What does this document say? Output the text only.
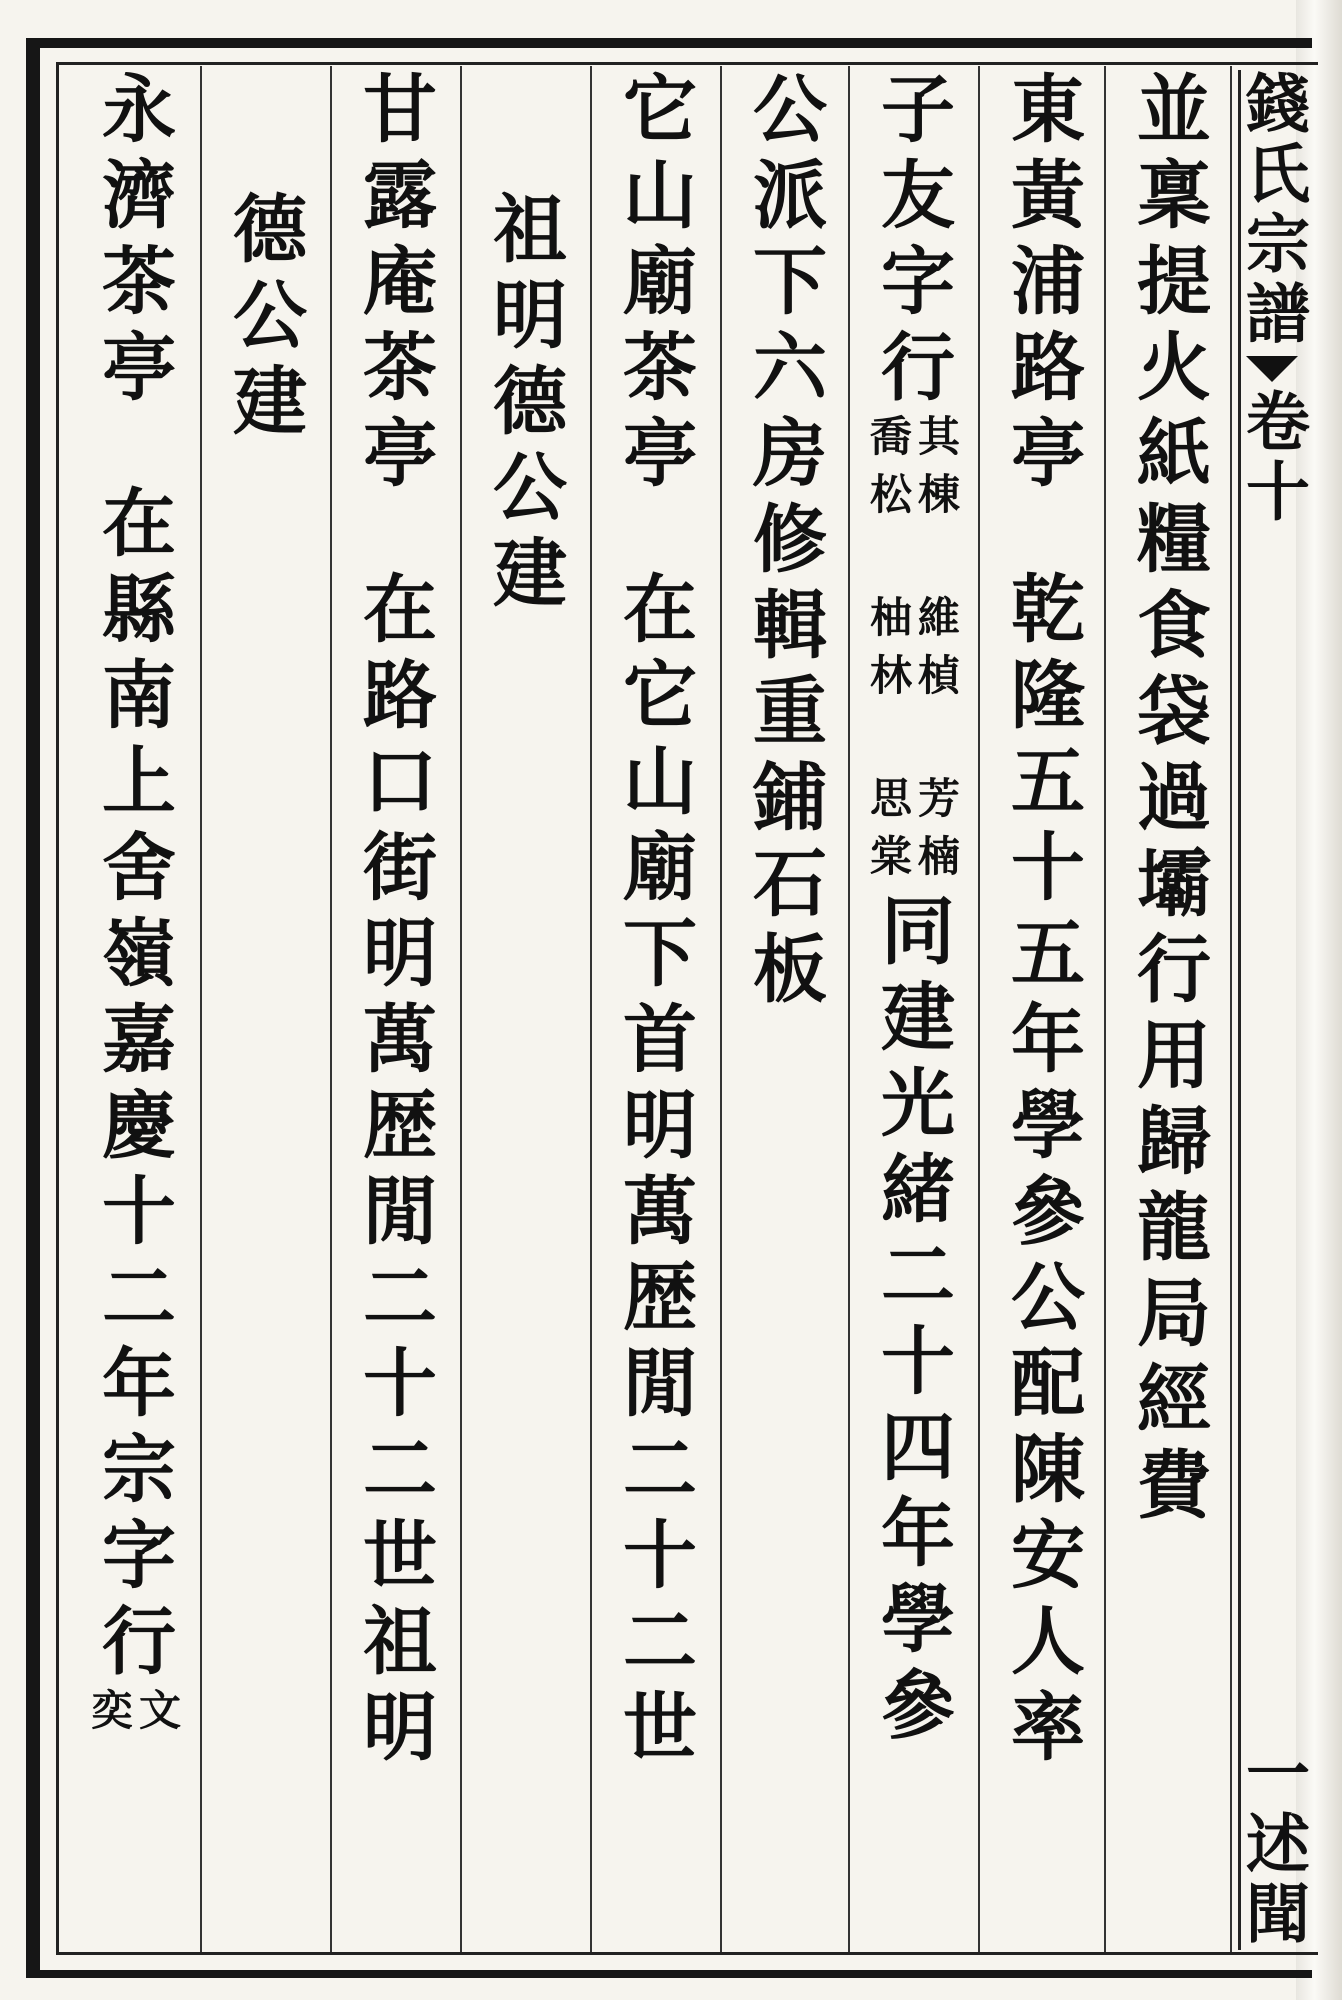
錢氏宗譜
卷十
一述聞
並稟提火紙糧食袋過壩行用歸龍局經費
東黃浦路亭
乾隆五十五年學參公配陳安人率
子友字行
其棟 維楨 芳楠
喬松 柚林 思棠
同建光緒二十四年學參
公派下六房修輯重鋪石板
它山廟茶亭
在它山廟下首明萬歴閒二十二世
祖明德公建
甘露庵茶亭
在路口街明萬歴閒二十二世祖明
德公建
永濟茶亭
在縣南上舍嶺嘉慶十二年宗字行
文
奕
